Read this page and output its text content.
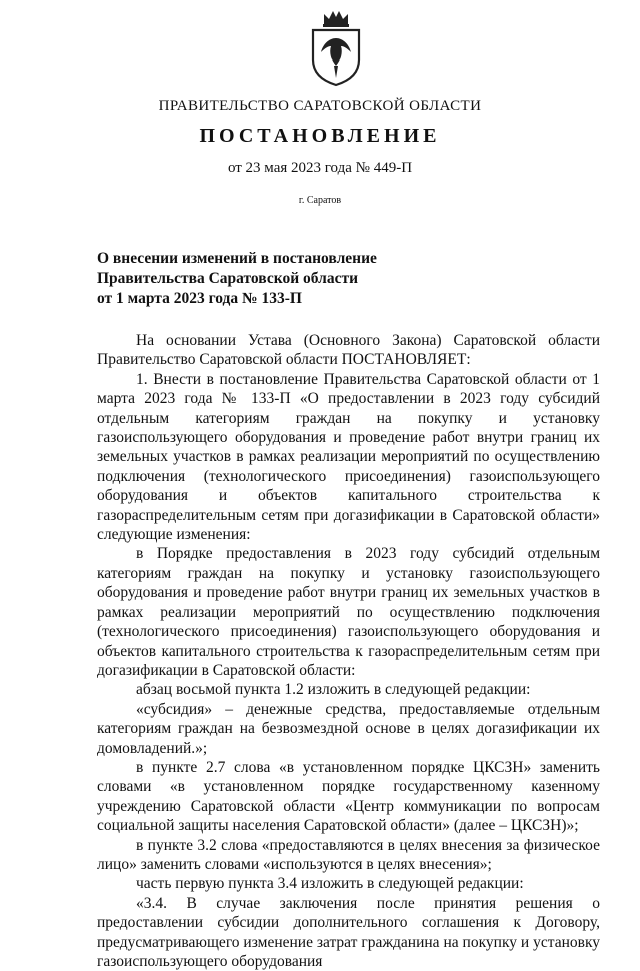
ПРАВИТЕЛЬСТВО САРАТОВСКОЙ ОБЛАСТИ
ПОСТАНОВЛЕНИЕ
от 23 мая 2023 года № 449-П
г. Саратов
О внесении изменений в постановление
Правительства Саратовской области
от 1 марта 2023 года № 133-П

На основании Устава (Основного Закона) Саратовской области Правительство Саратовской области ПОСТАНОВЛЯЕТ:

1. Внести в постановление Правительства Саратовской области от 1 марта 2023 года № 133-П «О предоставлении в 2023 году субсидий отдельным категориям граждан на покупку и установку газоиспользующего оборудования и проведение работ внутри границ их земельных участков в рамках реализации мероприятий по осуществлению подключения (технологического присоединения) газоиспользующего оборудования и объектов капитального строительства к газораспределительным сетям при догазификации в Саратовской области» следующие изменения:

в Порядке предоставления в 2023 году субсидий отдельным категориям граждан на покупку и установку газоиспользующего оборудования и проведение работ внутри границ их земельных участков в рамках реализации мероприятий по осуществлению подключения (технологического присоединения) газоиспользующего оборудования и объектов капитального строительства к газораспределительным сетям при догазификации в Саратовской области:

абзац восьмой пункта 1.2 изложить в следующей редакции:

«субсидия» – денежные средства, предоставляемые отдельным категориям граждан на безвозмездной основе в целях догазификации их домовладений.»;

в пункте 2.7 слова «в установленном порядке ЦКСЗН» заменить словами «в установленном порядке государственному казенному учреждению Саратовской области «Центр коммуникации по вопросам социальной защиты населения Саратовской области» (далее – ЦКСЗН)»;

в пункте 3.2 слова «предоставляются в целях внесения за физическое лицо» заменить словами «используются в целях внесения»;

часть первую пункта 3.4 изложить в следующей редакции:

«3.4. В случае заключения после принятия решения о предоставлении субсидии дополнительного соглашения к Договору, предусматривающего изменение затрат гражданина на покупку и установку газоиспользующего оборудования
